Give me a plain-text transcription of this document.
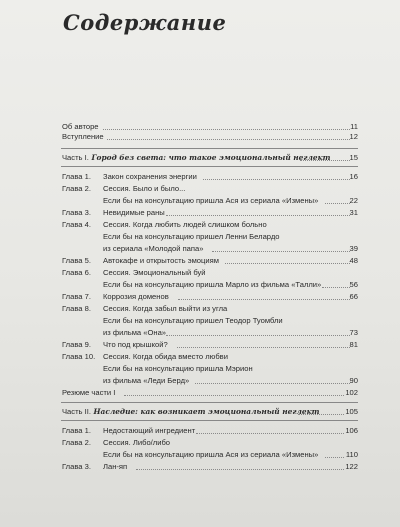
Содержание
Об авторе	11
Вступление	12
Часть I. Город без света: что такое эмоциональный неглект	15
Глава 1. Закон сохранения энергии	16
Глава 2. Сессия. Было и было...
Если бы на консультацию пришла Ася из сериала «Измены»	22
Глава 3. Невидимые раны	31
Глава 4. Сессия. Когда любить людей слишком больно
Если бы на консультацию пришел Ленни Белардо
из сериала «Молодой папа»	39
Глава 5. Автокафе и открытость эмоциям	48
Глава 6. Сессия. Эмоциональный буй
Если бы на консультацию пришла Марло из фильма «Талли»	56
Глава 7. Коррозия доменов	66
Глава 8. Сессия. Когда забыл выйти из угла
Если бы на консультацию пришел Теодор Туомбли
из фильма «Она»	73
Глава 9. Что под крышкой?	81
Глава 10. Сессия. Когда обида вместо любви
Если бы на консультацию пришла Мэрион
из фильма «Леди Берд»	90
Резюме части I	102
Часть II. Наследие: как возникает эмоциональный неглект	105
Глава 1. Недостающий ингредиент	106
Глава 2. Сессия. Либо/либо
Если бы на консультацию пришла Ася из сериала «Измены»	110
Глава 3. Лан-яп	122
